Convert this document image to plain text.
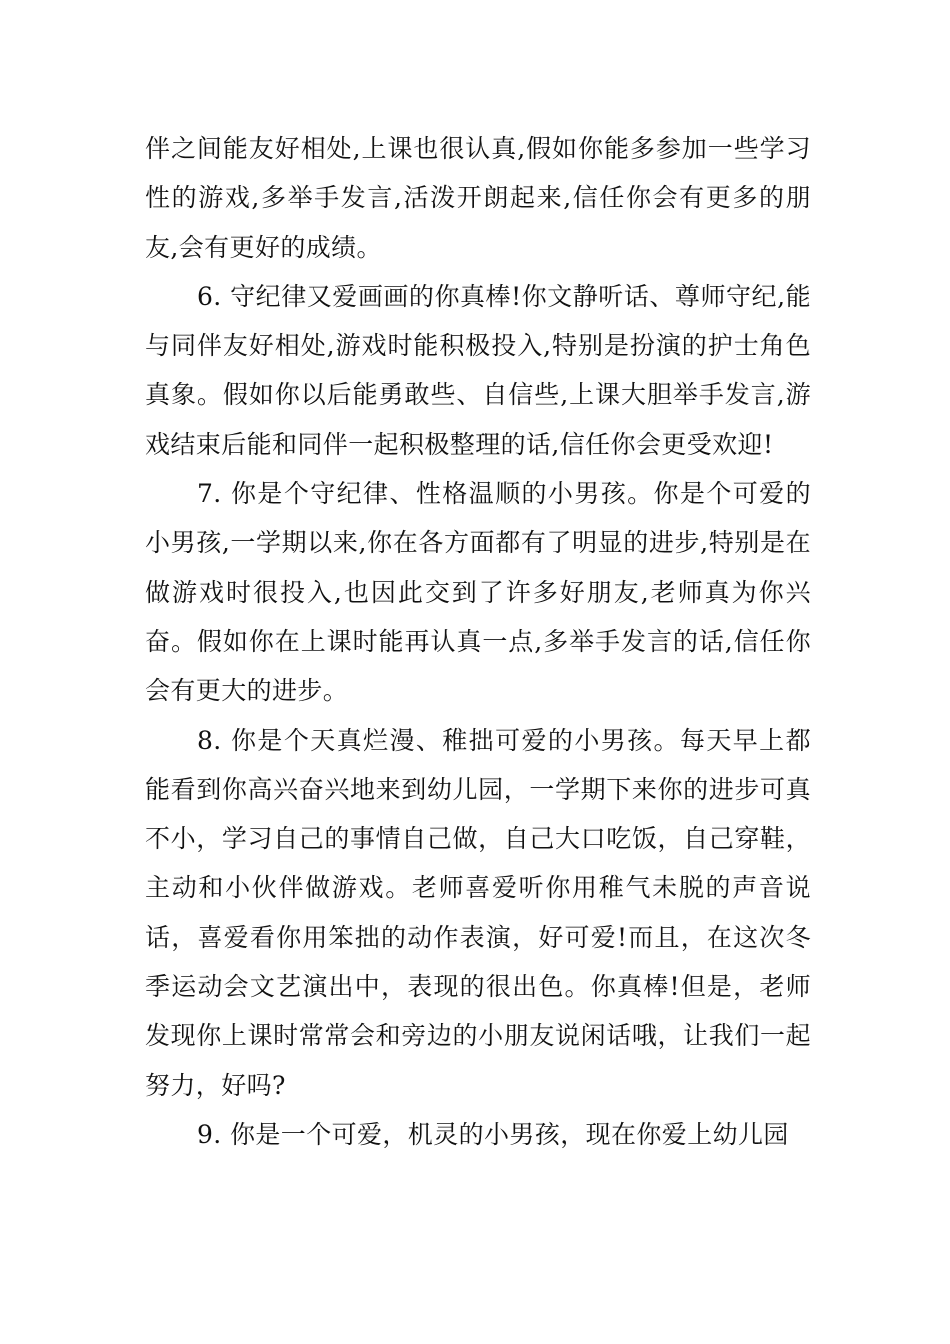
伴之间能友好相处,上课也很认真,假如你能多参加一些学习性的游戏,多举手发言,活泼开朗起来,信任你会有更多的朋友,会有更好的成绩。

6. 守纪律又爱画画的你真棒!你文静听话、尊师守纪,能与同伴友好相处,游戏时能积极投入,特别是扮演的护士角色真象。假如你以后能勇敢些、自信些,上课大胆举手发言,游戏结束后能和同伴一起积极整理的话,信任你会更受欢迎!

7. 你是个守纪律、性格温顺的小男孩。你是个可爱的小男孩,一学期以来,你在各方面都有了明显的进步,特别是在做游戏时很投入,也因此交到了许多好朋友,老师真为你兴奋。假如你在上课时能再认真一点,多举手发言的话,信任你会有更大的进步。

8. 你是个天真烂漫、稚拙可爱的小男孩。每天早上都能看到你高兴奋兴地来到幼儿园，一学期下来你的进步可真不小，学习自己的事情自己做，自己大口吃饭，自己穿鞋，主动和小伙伴做游戏。老师喜爱听你用稚气未脱的声音说话，喜爱看你用笨拙的动作表演，好可爱!而且，在这次冬季运动会文艺演出中，表现的很出色。你真棒!但是，老师发现你上课时常常会和旁边的小朋友说闲话哦，让我们一起努力，好吗?

9. 你是一个可爱，机灵的小男孩，现在你爱上幼儿园
